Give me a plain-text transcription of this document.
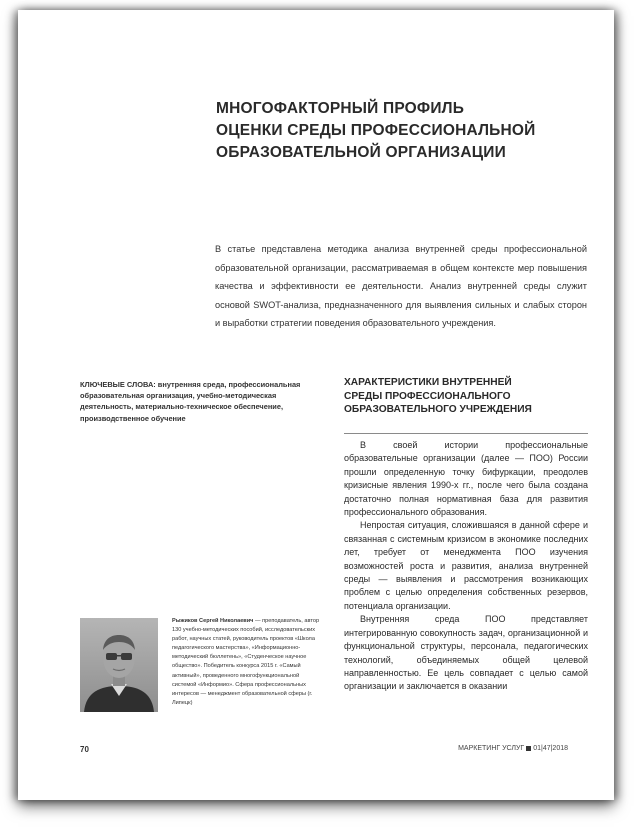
МНОГОФАКТОРНЫЙ ПРОФИЛЬ
ОЦЕНКИ СРЕДЫ ПРОФЕССИОНАЛЬНОЙ
ОБРАЗОВАТЕЛЬНОЙ ОРГАНИЗАЦИИ

В статье представлена методика анализа внутренней среды профессиональной образовательной организации, рассматриваемая в общем контексте мер повышения качества и эффективности ее деятельности. Анализ внутренней среды служит основой SWOT-анализа, предназначенного для выявления сильных и слабых сторон и выработки стратегии поведения образовательного учреждения.

КЛЮЧЕВЫЕ СЛОВА: внутренняя среда, профессиональная образовательная организация, учебно-методическая деятельность, материально-техническое обеспечение, производственное обучение

ХАРАКТЕРИСТИКИ ВНУТРЕННЕЙ
СРЕДЫ ПРОФЕССИОНАЛЬНОГО
ОБРАЗОВАТЕЛЬНОГО УЧРЕЖДЕНИЯ

В своей истории профессиональные образовательные организации (далее — ПОО) России прошли определенную точку бифуркации, преодолев кризисные явления 1990-х гг., после чего была создана достаточно полная нормативная база для развития профессионального образования.

Непростая ситуация, сложившаяся в данной сфере и связанная с системным кризисом в экономике последних лет, требует от менеджмента ПОО изучения возможностей роста и развития, анализа внутренней среды — выявления и рассмотрения возникающих проблем с целью определения собственных резервов, потенциала организации.

Внутренняя среда ПОО представляет интегрированную совокупность задач, организационной и функциональной структуры, персонала, педагогических технологий, объединяемых общей целевой направленностью. Ее цель совпадает с целью самой организации и заключается в оказании

Рыжиков Сергей Николаевич — преподаватель, автор 130 учебно-методических пособий, исследовательских работ, научных статей, руководитель проектов «Школа педагогического мастерства», «Информационно-методический бюллетень», «Студенческое научное общество». Победитель конкурса 2015 г. «Самый активный», проведенного многофункциональной системой «Информио». Сфера профессиональных интересов — менеджмент образовательной сферы (г. Липецк)

70	МАРКЕТИНГ УСЛУГ 01|47|2018
